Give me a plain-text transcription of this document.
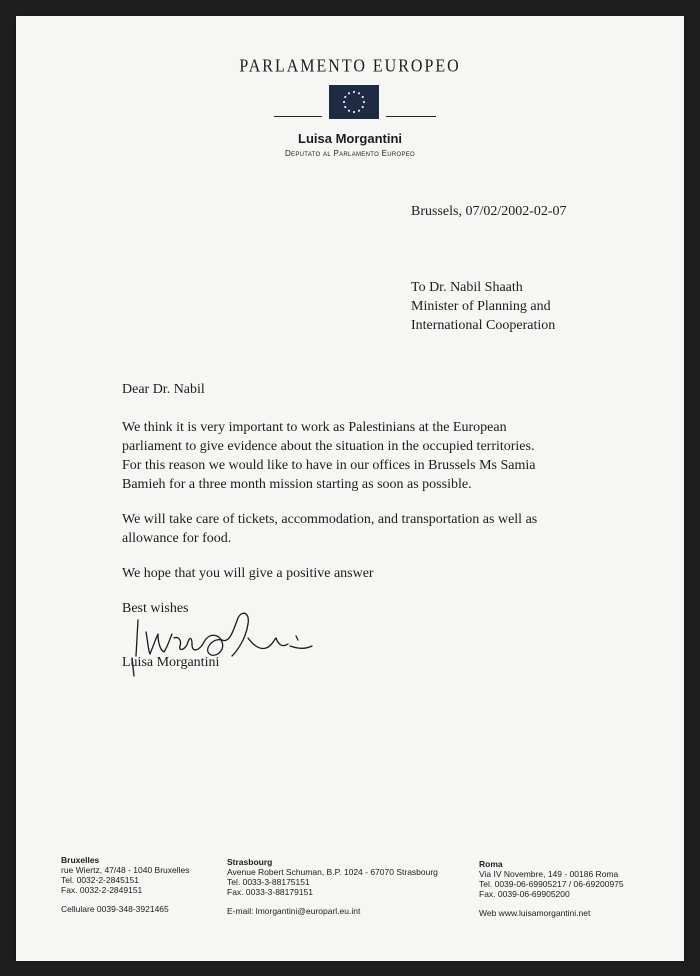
PARLAMENTO EUROPEO
Luisa Morgantini
Deputato al Parlamento Europeo
Brussels, 07/02/2002-02-07
To Dr. Nabil Shaath
Minister of Planning and
International Cooperation
Dear Dr. Nabil
We think it is very important to work as Palestinians at the European
parliament to give evidence about the situation in the occupied territories.
For this reason we would like to have in our offices in Brussels Ms Samia
Bamieh for a three month mission starting as soon as possible.
We will take care of tickets, accommodation, and transportation as well as
allowance for food.
We hope that you will give a positive answer
Best wishes
Luisa Morgantini
Bruxelles
rue Wiertz, 47/48 - 1040 Bruxelles
Tel. 0032-2-2845151
Fax. 0032-2-2849151
Cellulare 0039-348-3921465
Strasbourg
Avenue Robert Schuman, B.P. 1024 - 67070 Strasbourg
Tel. 0033-3-88175151
Fax. 0033-3-88179151
E-mail: lmorgantini@europarl.eu.int
Roma
Via IV Novembre, 149 - 00186 Roma
Tel. 0039-06-69905217 / 06-69200975
Fax. 0039-06-69905200
Web www.luisamorgantini.net
